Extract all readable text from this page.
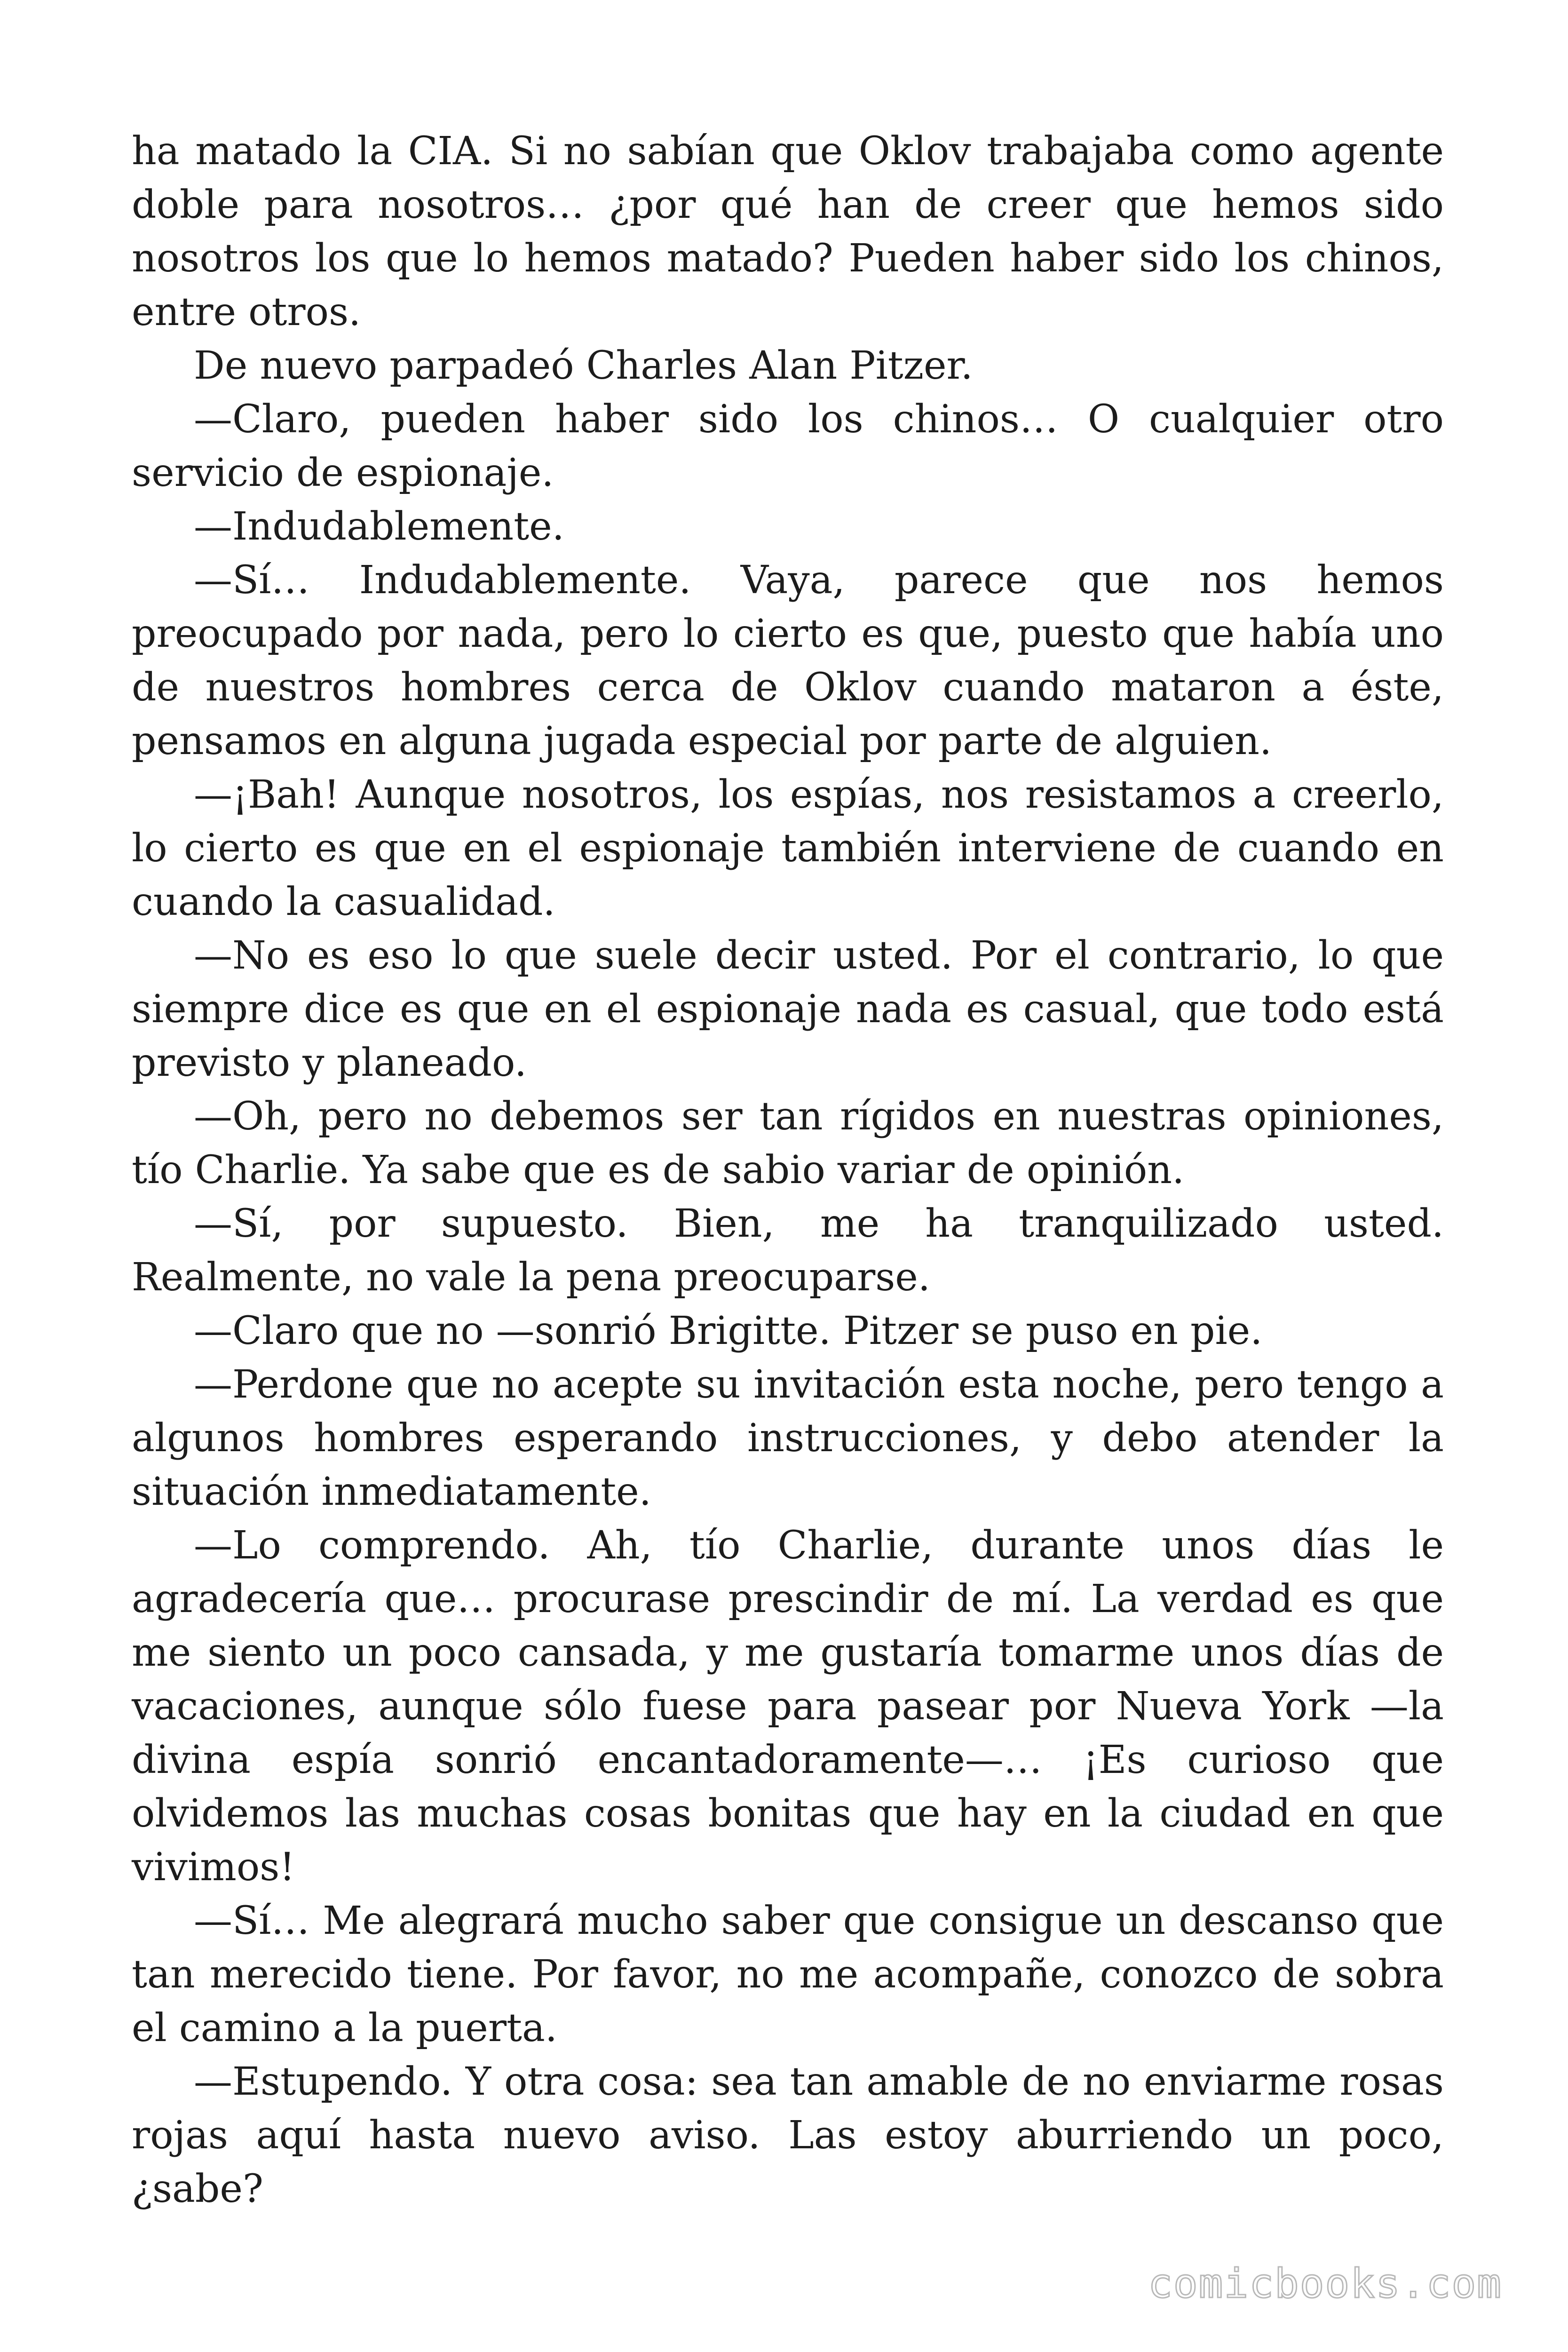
ha matado la CIA. Si no sabían que Oklov trabajaba como agente doble para nosotros… ¿por qué han de creer que hemos sido nosotros los que lo hemos matado? Pueden haber sido los chinos, entre otros.

De nuevo parpadeó Charles Alan Pitzer.

—Claro, pueden haber sido los chinos… O cualquier otro servicio de espionaje.

—Indudablemente.

—Sí… Indudablemente. Vaya, parece que nos hemos preocupado por nada, pero lo cierto es que, puesto que había uno de nuestros hombres cerca de Oklov cuando mataron a éste, pensamos en alguna jugada especial por parte de alguien.

—¡Bah! Aunque nosotros, los espías, nos resistamos a creerlo, lo cierto es que en el espionaje también interviene de cuando en cuando la casualidad.

—No es eso lo que suele decir usted. Por el contrario, lo que siempre dice es que en el espionaje nada es casual, que todo está previsto y planeado.

—Oh, pero no debemos ser tan rígidos en nuestras opiniones, tío Charlie. Ya sabe que es de sabio variar de opinión.

—Sí, por supuesto. Bien, me ha tranquilizado usted. Realmente, no vale la pena preocuparse.

—Claro que no —sonrió Brigitte. Pitzer se puso en pie.

—Perdone que no acepte su invitación esta noche, pero tengo a algunos hombres esperando instrucciones, y debo atender la situación inmediatamente.

—Lo comprendo. Ah, tío Charlie, durante unos días le agradecería que… procurase prescindir de mí. La verdad es que me siento un poco cansada, y me gustaría tomarme unos días de vacaciones, aunque sólo fuese para pasear por Nueva York —la divina espía sonrió encantadoramente—… ¡Es curioso que olvidemos las muchas cosas bonitas que hay en la ciudad en que vivimos!

—Sí… Me alegrará mucho saber que consigue un descanso que tan merecido tiene. Por favor, no me acompañe, conozco de sobra el camino a la puerta.

—Estupendo. Y otra cosa: sea tan amable de no enviarme rosas rojas aquí hasta nuevo aviso. Las estoy aburriendo un poco, ¿sabe?

comicbooks.com
